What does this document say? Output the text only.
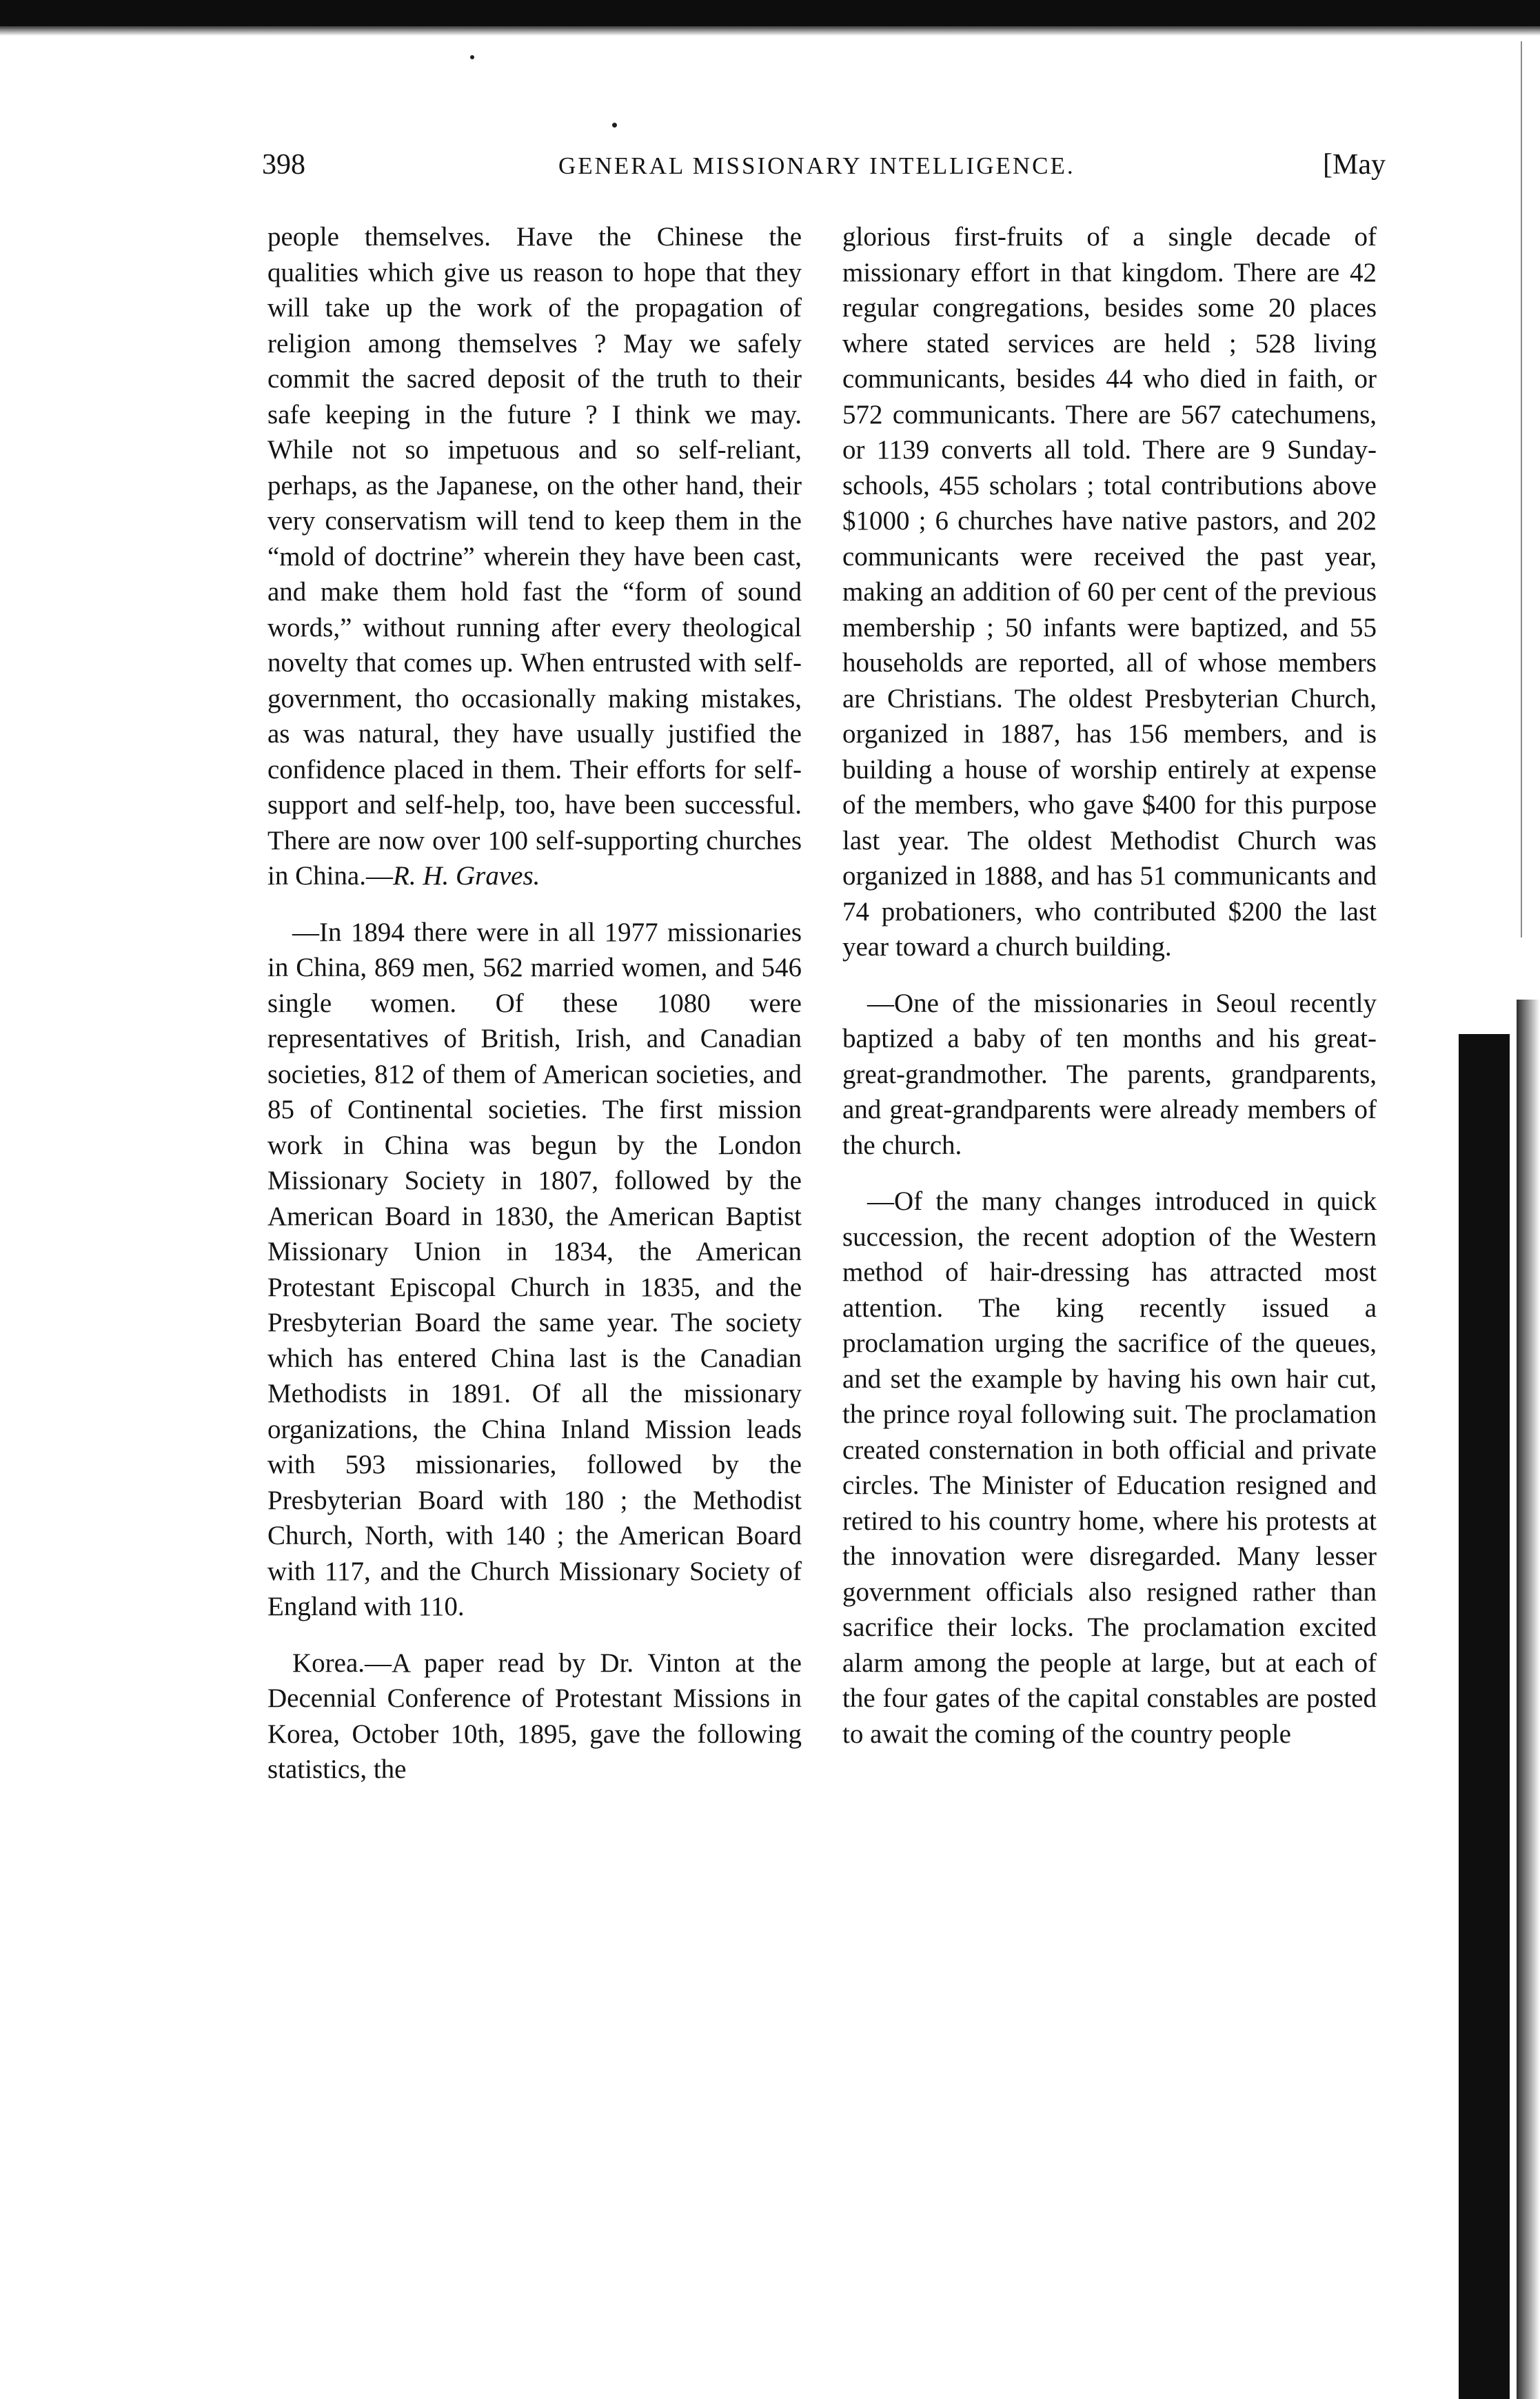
398	GENERAL MISSIONARY INTELLIGENCE.	[May

people themselves. Have the Chinese the qualities which give us reason to hope that they will take up the work of the propagation of religion among themselves ? May we safely commit the sacred deposit of the truth to their safe keeping in the future ? I think we may. While not so impetuous and so self-reliant, perhaps, as the Japanese, on the other hand, their very conservatism will tend to keep them in the “mold of doctrine” wherein they have been cast, and make them hold fast the “form of sound words,” without running after every theological novelty that comes up. When entrusted with self-government, tho occasionally making mistakes, as was natural, they have usually justified the confidence placed in them. Their efforts for self-support and self-help, too, have been successful. There are now over 100 self-supporting churches in China.—R. H. Graves.

—In 1894 there were in all 1977 missionaries in China, 869 men, 562 married women, and 546 single women. Of these 1080 were representatives of British, Irish, and Canadian societies, 812 of them of American societies, and 85 of Continental societies. The first mission work in China was begun by the London Missionary Society in 1807, followed by the American Board in 1830, the American Baptist Missionary Union in 1834, the American Protestant Episcopal Church in 1835, and the Presbyterian Board the same year. The society which has entered China last is the Canadian Methodists in 1891. Of all the missionary organizations, the China Inland Mission leads with 593 missionaries, followed by the Presbyterian Board with 180 ; the Methodist Church, North, with 140 ; the American Board with 117, and the Church Missionary Society of England with 110.

Korea.—A paper read by Dr. Vinton at the Decennial Conference of Protestant Missions in Korea, October 10th, 1895, gave the following statistics, the

glorious first-fruits of a single decade of missionary effort in that kingdom. There are 42 regular congregations, besides some 20 places where stated services are held ; 528 living communicants, besides 44 who died in faith, or 572 communicants. There are 567 catechumens, or 1139 converts all told. There are 9 Sunday-schools, 455 scholars ; total contributions above $1000 ; 6 churches have native pastors, and 202 communicants were received the past year, making an addition of 60 per cent of the previous membership ; 50 infants were baptized, and 55 households are reported, all of whose members are Christians. The oldest Presbyterian Church, organized in 1887, has 156 members, and is building a house of worship entirely at expense of the members, who gave $400 for this purpose last year. The oldest Methodist Church was organized in 1888, and has 51 communicants and 74 probationers, who contributed $200 the last year toward a church building.

—One of the missionaries in Seoul recently baptized a baby of ten months and his great-great-grandmother. The parents, grandparents, and great-grandparents were already members of the church.

—Of the many changes introduced in quick succession, the recent adoption of the Western method of hair-dressing has attracted most attention. The king recently issued a proclamation urging the sacrifice of the queues, and set the example by having his own hair cut, the prince royal following suit. The proclamation created consternation in both official and private circles. The Minister of Education resigned and retired to his country home, where his protests at the innovation were disregarded. Many lesser government officials also resigned rather than sacrifice their locks. The proclamation excited alarm among the people at large, but at each of the four gates of the capital constables are posted to await the coming of the country people
